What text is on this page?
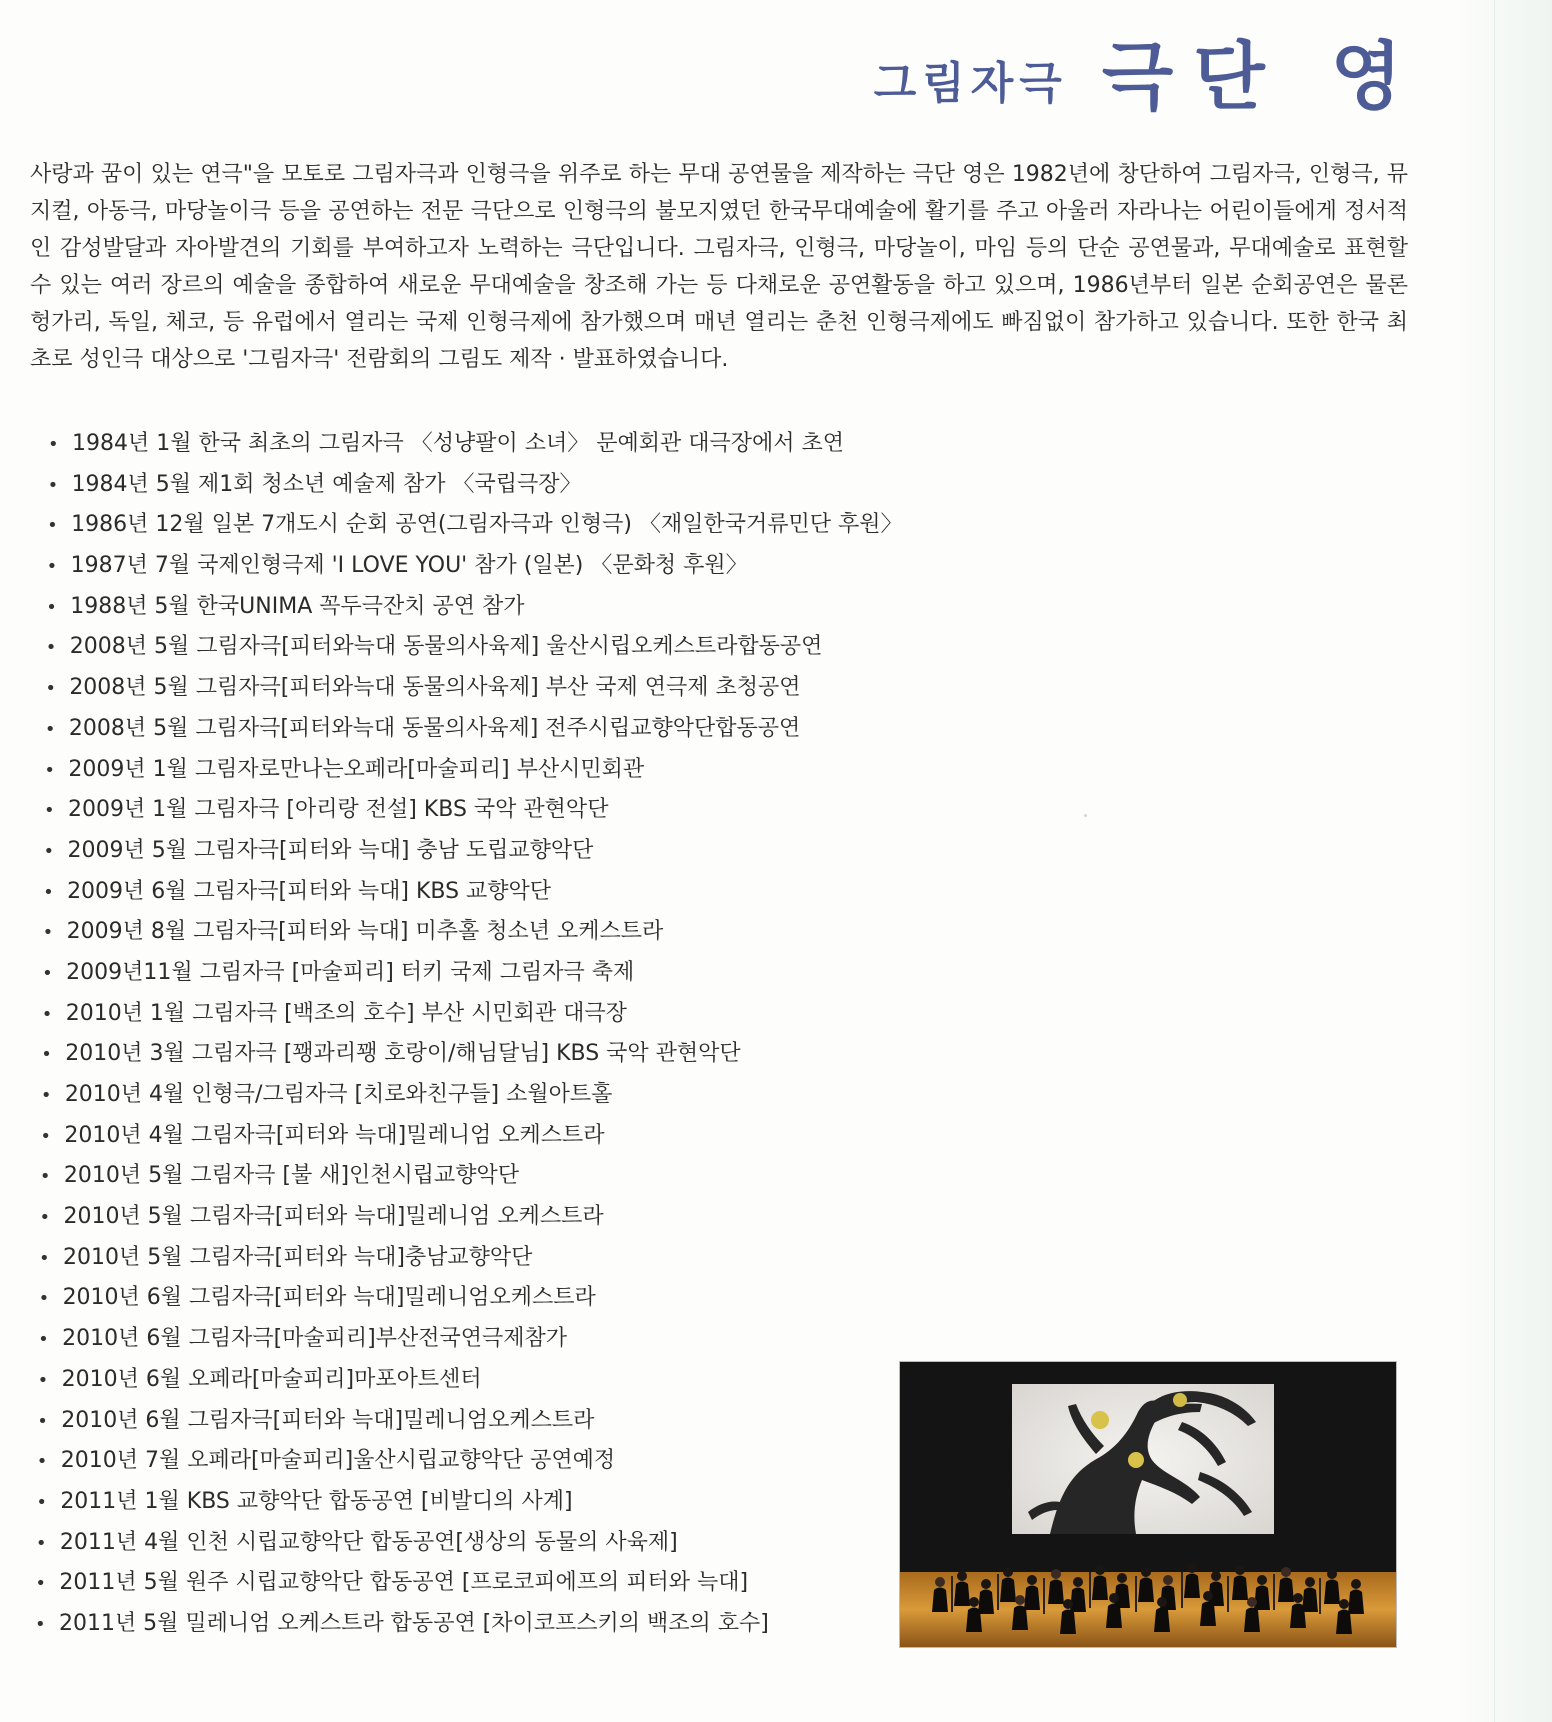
그림자극 극단 영

사랑과 꿈이 있는 연극"을 모토로 그림자극과 인형극을 위주로 하는 무대 공연물을 제작하는 극단 영은 1982년에 창단하여 그림자극, 인형극, 뮤지컬, 아동극, 마당놀이극 등을 공연하는 전문 극단으로 인형극의 불모지였던 한국무대예술에 활기를 주고 아울러 자라나는 어린이들에게 정서적인 감성발달과 자아발견의 기회를 부여하고자 노력하는 극단입니다. 그림자극, 인형극, 마당놀이, 마임 등의 단순 공연물과, 무대예술로 표현할 수 있는 여러 장르의 예술을 종합하여 새로운 무대예술을 창조해 가는 등 다채로운 공연활동을 하고 있으며, 1986년부터 일본 순회공연은 물론 헝가리, 독일, 체코, 등 유럽에서 열리는 국제 인형극제에 참가했으며 매년 열리는 춘천 인형극제에도 빠짐없이 참가하고 있습니다. 또한 한국 최초로 성인극 대상으로 '그림자극' 전람회의 그림도 제작 · 발표하였습니다.

• 1984년 1월 한국 최초의 그림자극 〈성냥팔이 소녀〉 문예회관 대극장에서 초연
• 1984년 5월 제1회 청소년 예술제 참가 〈국립극장〉
• 1986년 12월 일본 7개도시 순회 공연(그림자극과 인형극) 〈재일한국거류민단 후원〉
• 1987년 7월 국제인형극제 'I LOVE YOU' 참가 (일본) 〈문화청 후원〉
• 1988년 5월 한국UNIMA 꼭두극잔치 공연 참가
• 2008년 5월 그림자극[피터와늑대 동물의사육제] 울산시립오케스트라합동공연
• 2008년 5월 그림자극[피터와늑대 동물의사육제] 부산 국제 연극제 초청공연
• 2008년 5월 그림자극[피터와늑대 동물의사육제] 전주시립교향악단합동공연
• 2009년 1월 그림자로만나는오페라[마술피리] 부산시민회관
• 2009년 1월 그림자극 [아리랑 전설] KBS 국악 관현악단
• 2009년 5월 그림자극[피터와 늑대] 충남 도립교향악단
• 2009년 6월 그림자극[피터와 늑대] KBS 교향악단
• 2009년 8월 그림자극[피터와 늑대] 미추홀 청소년 오케스트라
• 2009년11월 그림자극 [마술피리] 터키 국제 그림자극 축제
• 2010년 1월 그림자극 [백조의 호수] 부산 시민회관 대극장
• 2010년 3월 그림자극 [꽹과리꽹 호랑이/해님달님] KBS 국악 관현악단
• 2010년 4월 인형극/그림자극 [치로와친구들] 소월아트홀
• 2010년 4월 그림자극[피터와 늑대]밀레니엄 오케스트라
• 2010년 5월 그림자극 [불 새]인천시립교향악단
• 2010년 5월 그림자극[피터와 늑대]밀레니엄 오케스트라
• 2010년 5월 그림자극[피터와 늑대]충남교향악단
• 2010년 6월 그림자극[피터와 늑대]밀레니엄오케스트라
• 2010년 6월 그림자극[마술피리]부산전국연극제참가
• 2010년 6월 오페라[마술피리]마포아트센터
• 2010년 6월 그림자극[피터와 늑대]밀레니엄오케스트라
• 2010년 7월 오페라[마술피리]울산시립교향악단 공연예정
• 2011년 1월 KBS 교향악단 합동공연 [비발디의 사계]
• 2011년 4월 인천 시립교향악단 합동공연[생상의 동물의 사육제]
• 2011년 5월 원주 시립교향악단 합동공연 [프로코피에프의 피터와 늑대]
• 2011년 5월 밀레니엄 오케스트라 합동공연 [차이코프스키의 백조의 호수]
